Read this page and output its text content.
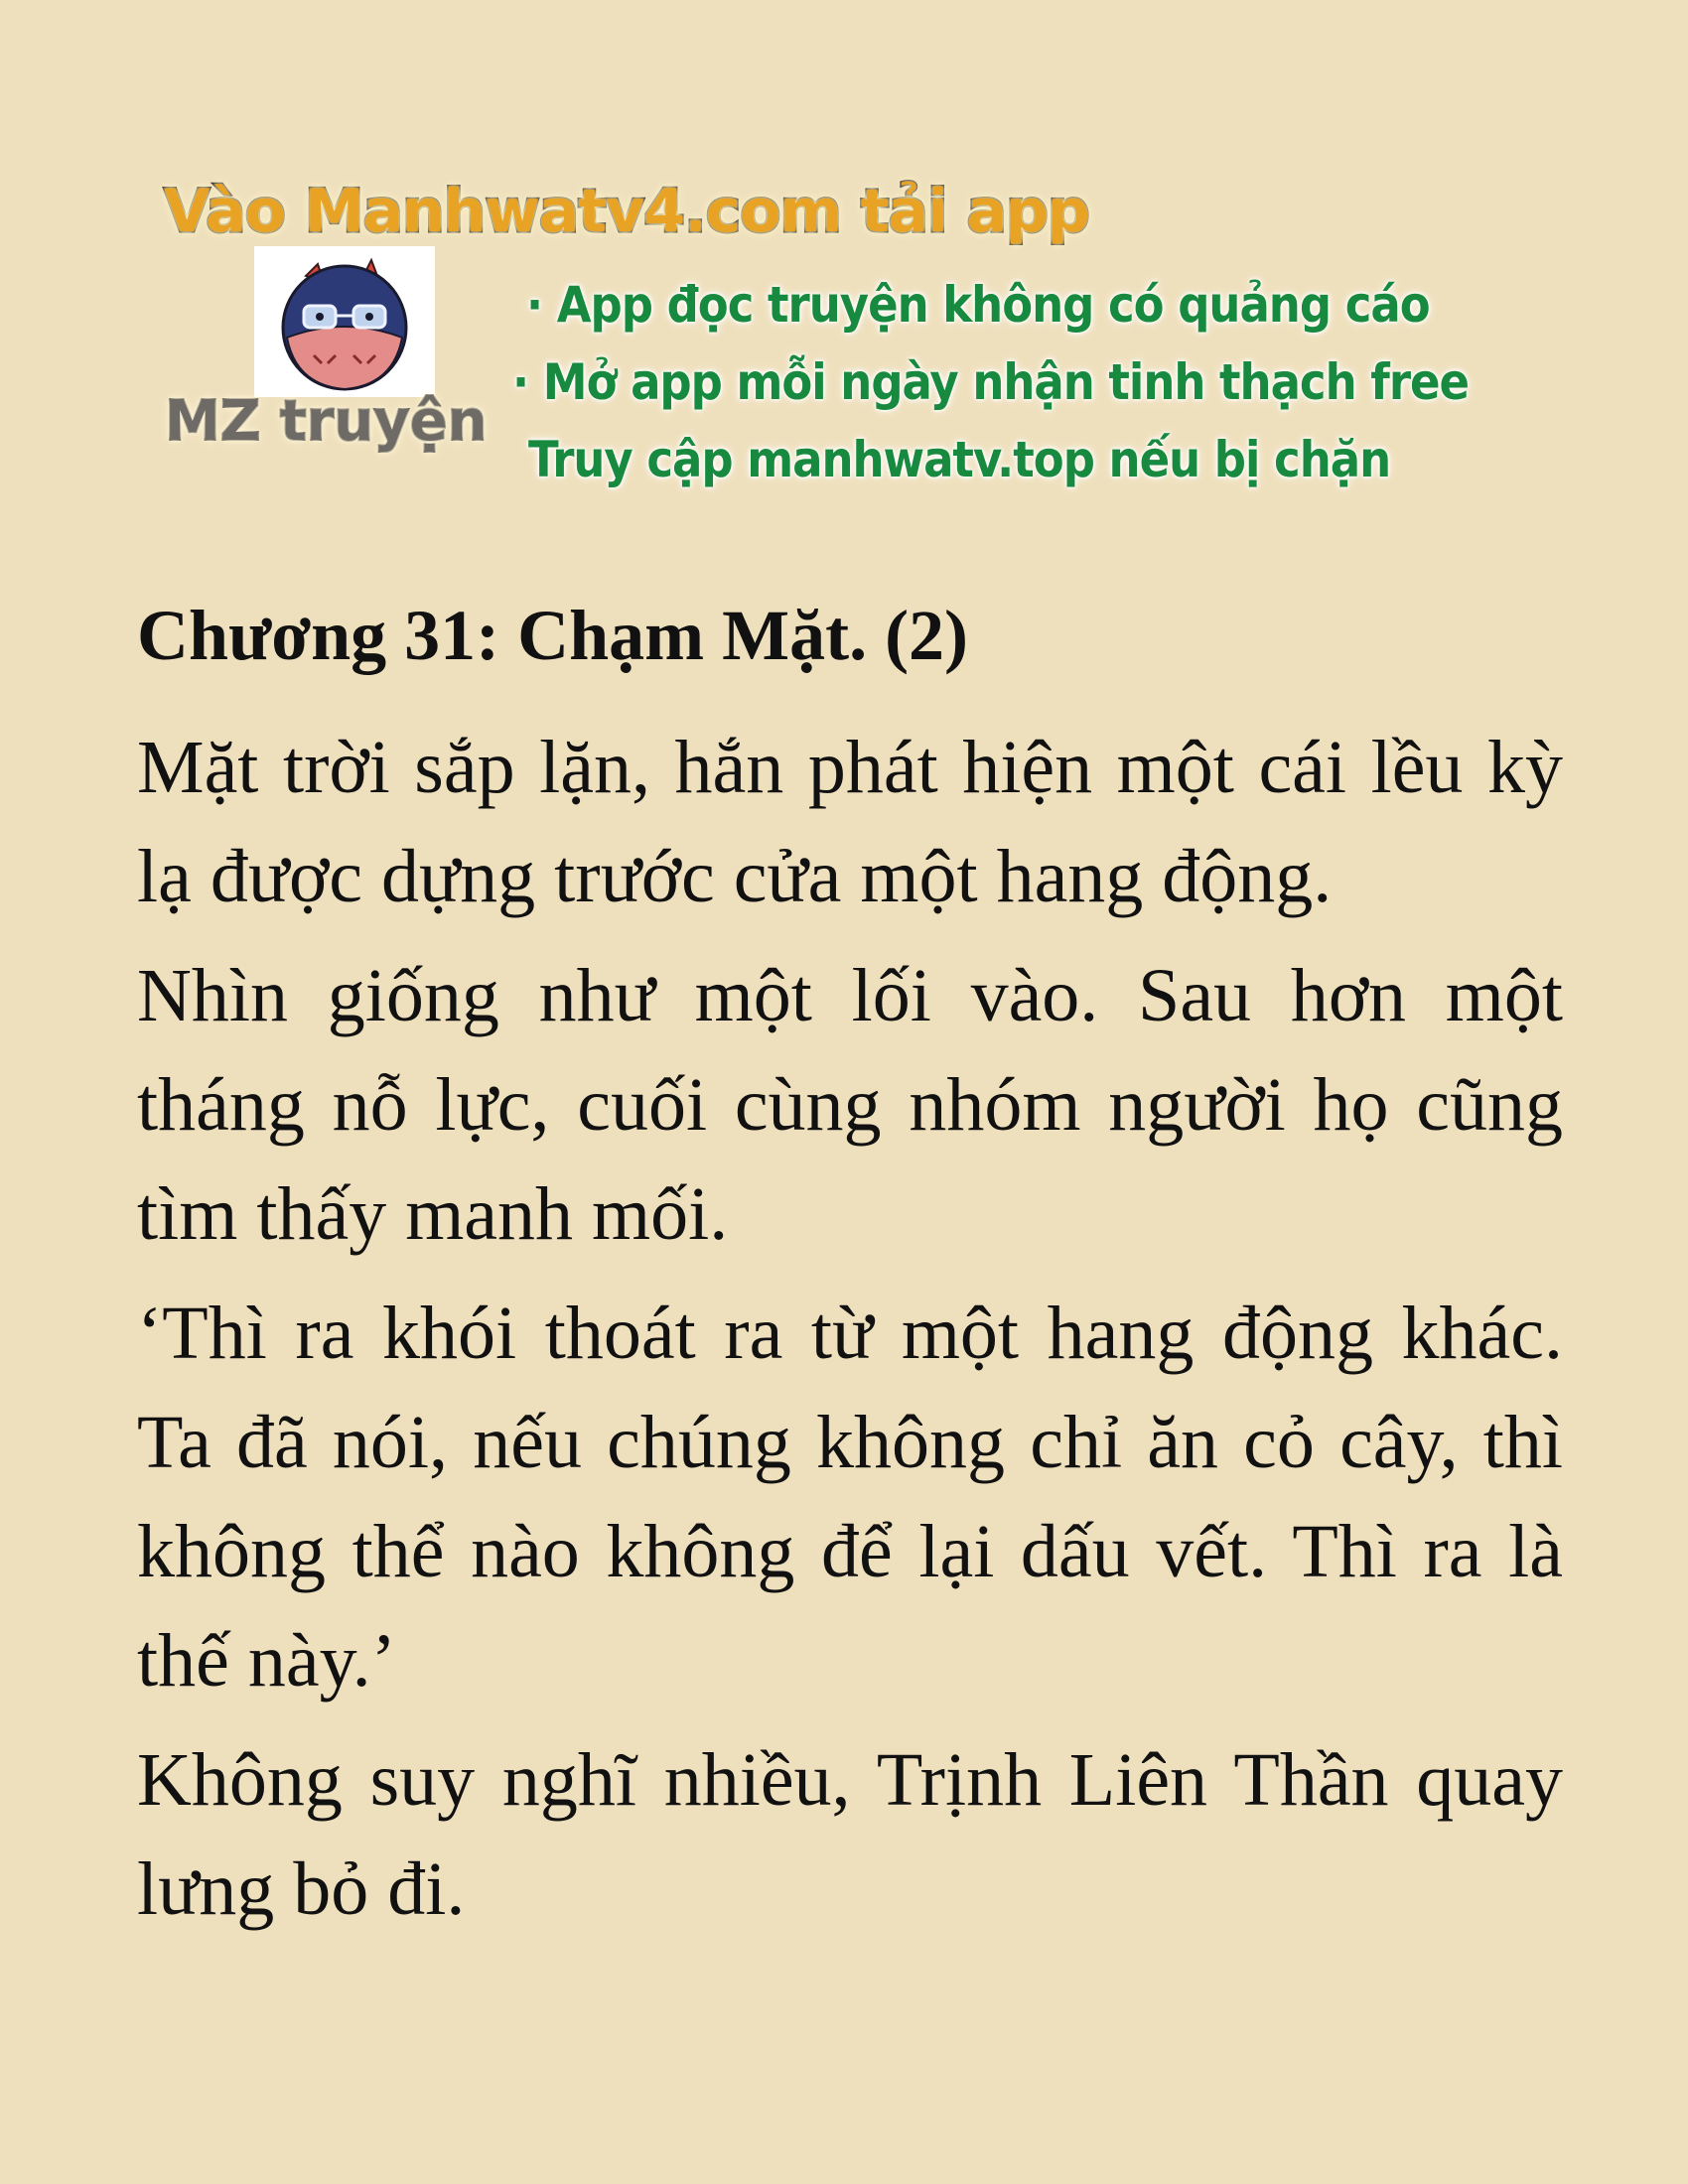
Vào Manhwatv4.com tải app
MZ truyện
· App đọc truyện không có quảng cáo
· Mở app mỗi ngày nhận tinh thạch free
Truy cập manhwatv.top nếu bị chặn
Chương 31: Chạm Mặt. (2)

Mặt trời sắp lặn, hắn phát hiện một cái lều kỳ lạ được dựng trước cửa một hang động.

Nhìn giống như một lối vào. Sau hơn một tháng nỗ lực, cuối cùng nhóm người họ cũng tìm thấy manh mối.

‘Thì ra khói thoát ra từ một hang động khác. Ta đã nói, nếu chúng không chỉ ăn cỏ cây, thì không thể nào không để lại dấu vết. Thì ra là thế này.’

Không suy nghĩ nhiều, Trịnh Liên Thần quay lưng bỏ đi.
